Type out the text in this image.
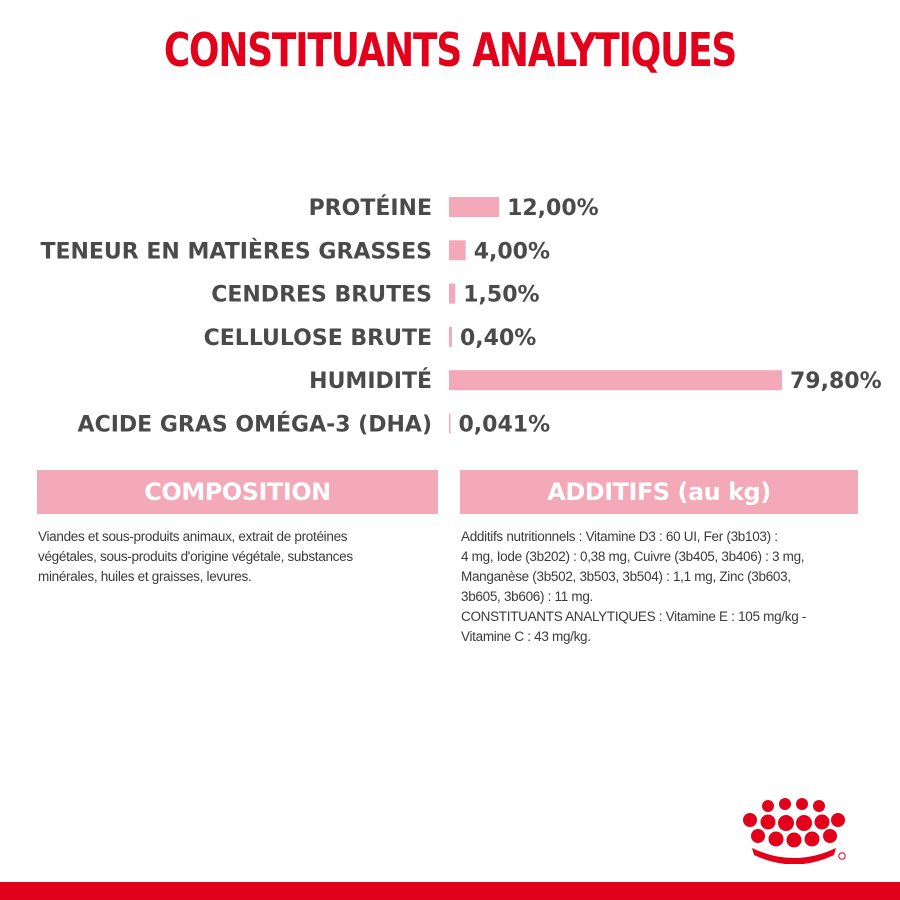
CONSTITUANTS ANALYTIQUES
PROTÉINE	12,00%
TENEUR EN MATIÈRES GRASSES 4,00%
CENDRES BRUTES 1,50%
CELLULOSE BRUTE 0,40%
HUMIDITÉ	79,80%
ACIDE GRAS OMÉGA-3 (DHA) 0,041%
COMPOSITION	ADDITIFS (au kg)
Viandes et sous-produits animaux, extrait de protéines végétales, sous-produits d'origine végétale, substances minérales, huiles et graisses, levures.
Additifs nutritionnels : Vitamine D3 : 60 UI, Fer (3b103) :
4 mg, Iode (3b202) : 0,38 mg, Cuivre (3b405, 3b406) : 3 mg,
Manganèse (3b502, 3b503, 3b504) : 1,1 mg, Zinc (3b603,
3b605, 3b606) : 11 mg.
CONSTITUANTS ANALYTIQUES : Vitamine E : 105 mg/kg -
Vitamine C : 43 mg/kg.
